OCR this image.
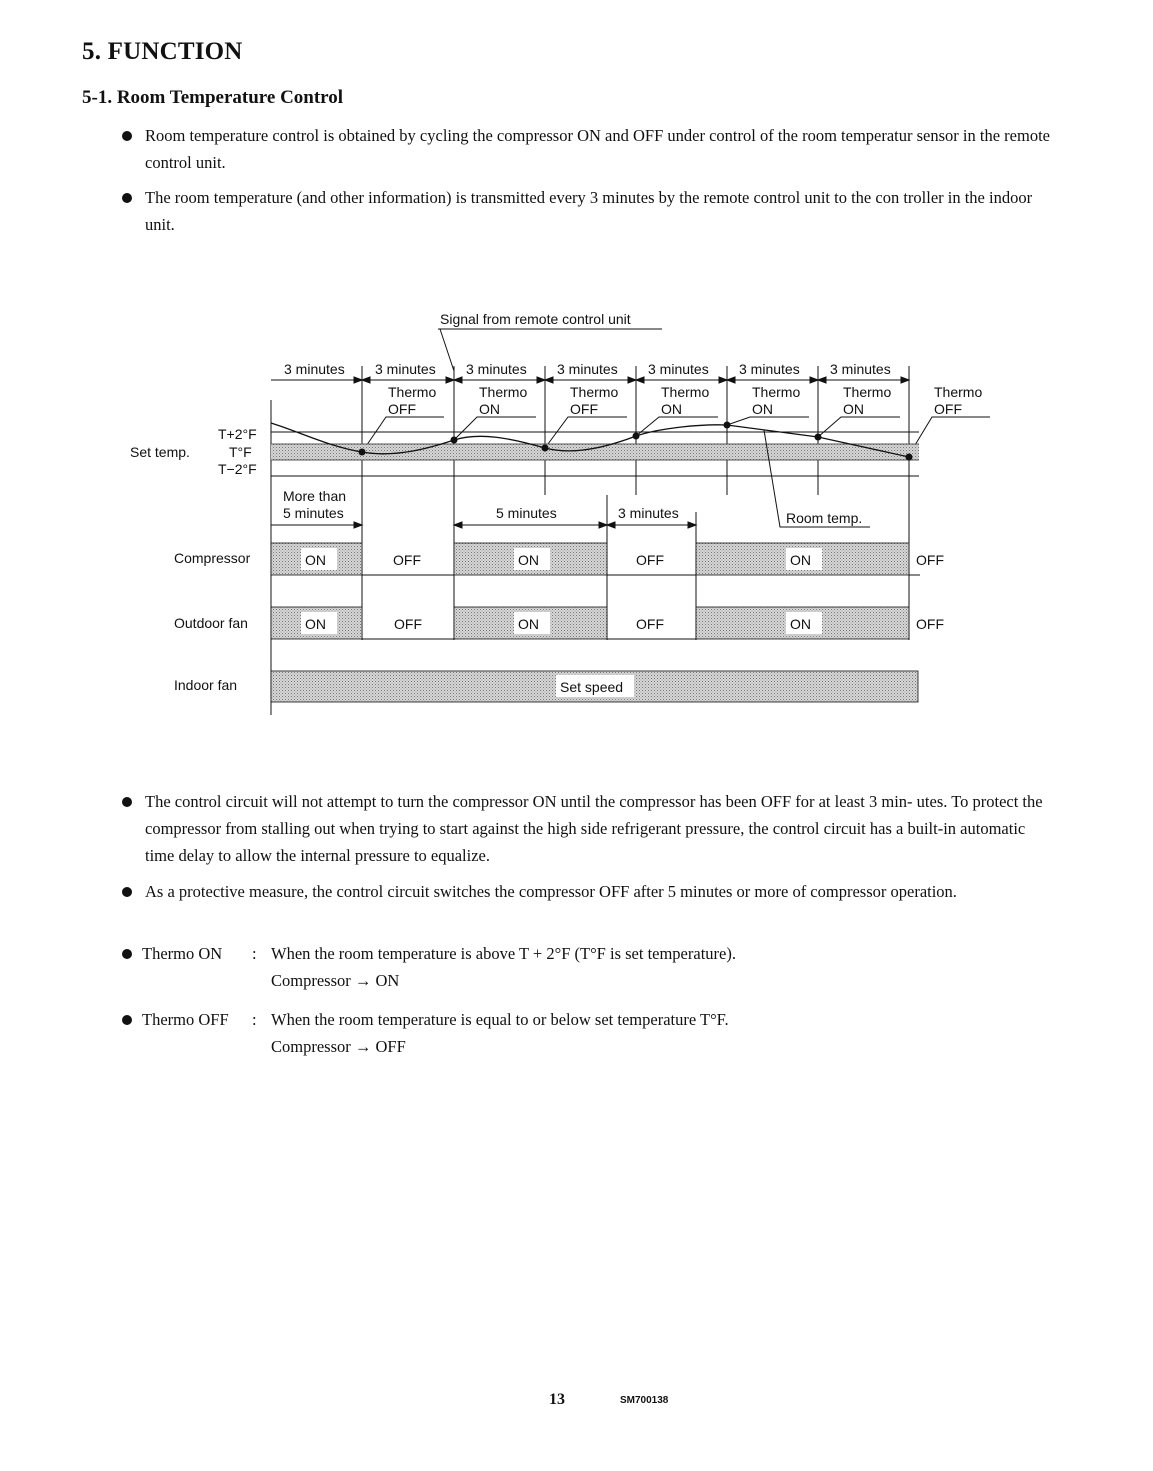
5. FUNCTION
5-1. Room Temperature Control
Room temperature control is obtained by cycling the compressor ON and OFF under control of the room temperatur sensor in the remote control unit.
The room temperature (and other information) is transmitted every 3 minutes by the remote control unit to the con troller in the indoor unit.
Signal from remote control unit
3 minutes 3 minutes 3 minutes 3 minutes 3 minutes 3 minutes 3 minutes
Thermo
OFF
Thermo
ON
Thermo
OFF
Thermo
ON
Thermo
ON
Thermo
ON
Thermo
OFF
Set temp.
T+2°F
T°F
T−2°F
Room temp.
More than
5 minutes	5 minutes	3 minutes
Compressor	ON	OFF	ON	OFF	ON	OFF
Outdoor fan	ON	OFF	ON	OFF	ON	OFF
Indoor fan	Set speed
The control circuit will not attempt to turn the compressor ON until the compressor has been OFF for at least 3 min- utes. To protect the compressor from stalling out when trying to start against the high side refrigerant pressure, the control circuit has a built-in automatic time delay to allow the internal pressure to equalize.
As a protective measure, the control circuit switches the compressor OFF after 5 minutes or more of compressor operation.
Thermo ON : When the room temperature is above T + 2°F (T°F is set temperature).
Compressor → ON
Thermo OFF : When the room temperature is equal to or below set temperature T°F.
Compressor → OFF
13	SM700138
